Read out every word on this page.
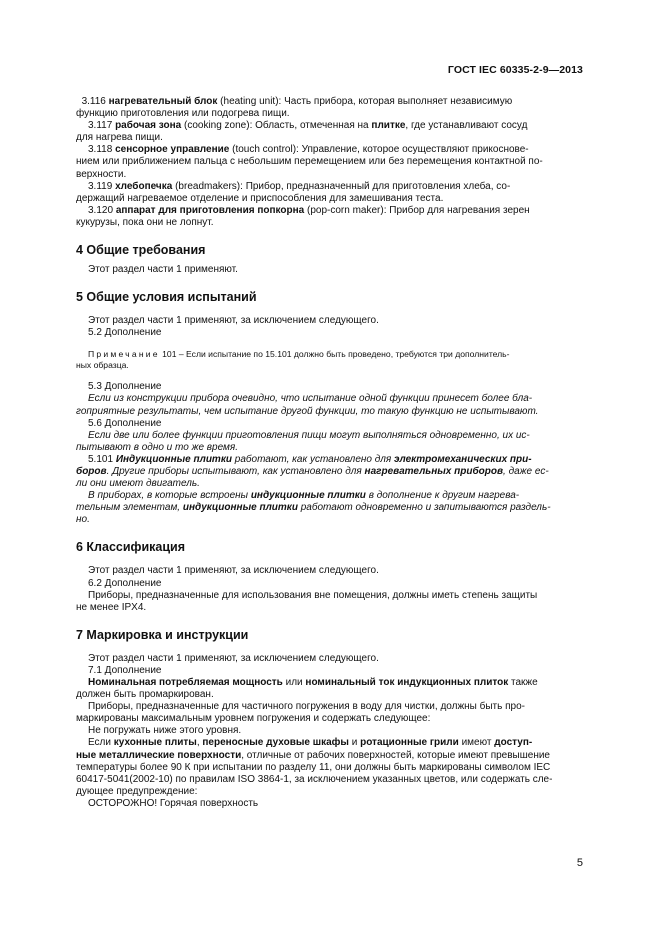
ГОСТ IEC 60335-2-9—2013

3.116 нагревательный блок (heating unit): Часть прибора, которая выполняет независимую

функцию приготовления или подогрева пищи.

3.117 рабочая зона (cooking zone): Область, отмеченная на плитке, где устанавливают сосуд

для нагрева пищи.

3.118 сенсорное управление (touch control): Управление, которое осуществляют прикоснове-

нием или приближением пальца с небольшим перемещением или без перемещения контактной по-

верхности.

3.119 хлебопечка (breadmakers): Прибор, предназначенный для приготовления хлеба, со-

держащий нагреваемое отделение и приспособления для замешивания теста.

3.120 аппарат для приготовления попкорна (pop-corn maker): Прибор для нагревания зерен

кукурузы, пока они не лопнут.

4 Общие требования

Этот раздел части 1 применяют.

5 Общие условия испытаний

Этот раздел части 1 применяют, за исключением следующего.

5.2 Дополнение

Примечание 101 – Если испытание по 15.101 должно быть проведено, требуются три дополнитель-

ных образца.

5.3 Дополнение

Если из конструкции прибора очевидно, что испытание одной функции принесет более бла-

гоприятные результаты, чем испытание другой функции, то такую функцию не испытывают.

5.6 Дополнение

Если две или более функции приготовления пищи могут выполняться одновременно, их ис-

пытывают в одно и то же время.

5.101 Индукционные плитки работают, как установлено для электромеханических при-

боров. Другие приборы испытывают, как установлено для нагревательных приборов, даже ес-

ли они имеют двигатель.

В приборах, в которые встроены индукционные плитки в дополнение к другим нагрева-

тельным элементам, индукционные плитки работают одновременно и запитываются раздель-

но.

6 Классификация

Этот раздел части 1 применяют, за исключением следующего.

6.2 Дополнение

Приборы, предназначенные для использования вне помещения, должны иметь степень защиты

не менее IPX4.

7 Маркировка и инструкции

Этот раздел части 1 применяют, за исключением следующего.

7.1 Дополнение

Номинальная потребляемая мощность или номинальный ток индукционных плиток также

должен быть промаркирован.

Приборы, предназначенные для частичного погружения в воду для чистки, должны быть про-

маркированы максимальным уровнем погружения и содержать следующее:

Не погружать ниже этого уровня.

Если кухонные плиты, переносные духовые шкафы и ротационные грили имеют доступ-

ные металлические поверхности, отличные от рабочих поверхностей, которые имеют превышение

температуры более 90 К при испытании по разделу 11, они должны быть маркированы символом IEC

60417-5041(2002-10) по правилам ISO 3864-1, за исключением указанных цветов, или содержать сле-

дующее предупреждение:

ОСТОРОЖНО! Горячая поверхность

5
